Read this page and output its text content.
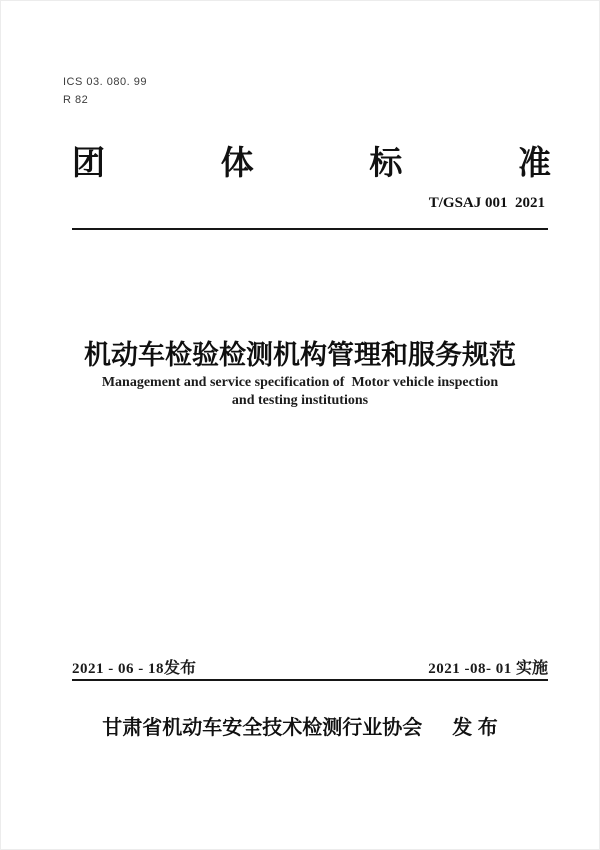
ICS 03. 080. 99
R 82
团	体	标	准
T/GSAJ 001  2021
机动车检验检测机构管理和服务规范
Management and service specification of  Motor vehicle inspection
and testing institutions
2021 - 06 - 18发布	2021 -08- 01 实施
甘肃省机动车安全技术检测行业协会 发 布
